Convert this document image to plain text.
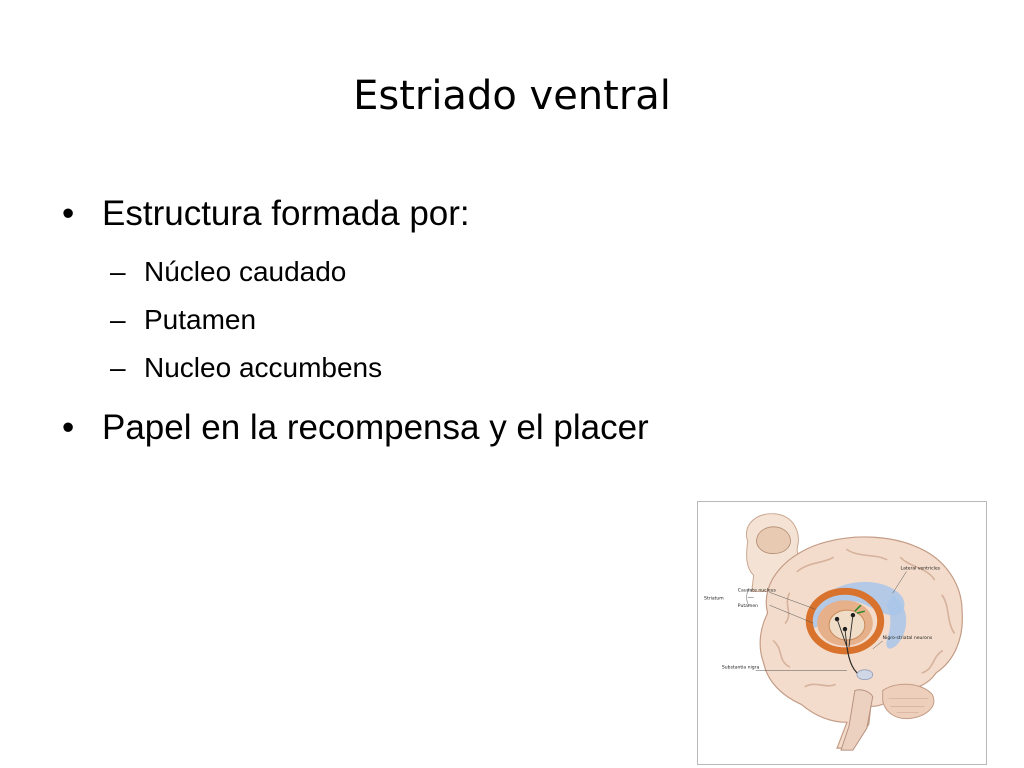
Estriado ventral
• Estructura formada por:
– Núcleo caudado
– Putamen
– Nucleo accumbens
• Papel en la recompensa y el placer
Striatum
Caudate nucleus
Putamen
Lateral ventricles
Nigro-striatal neurons
Substantia nigra
